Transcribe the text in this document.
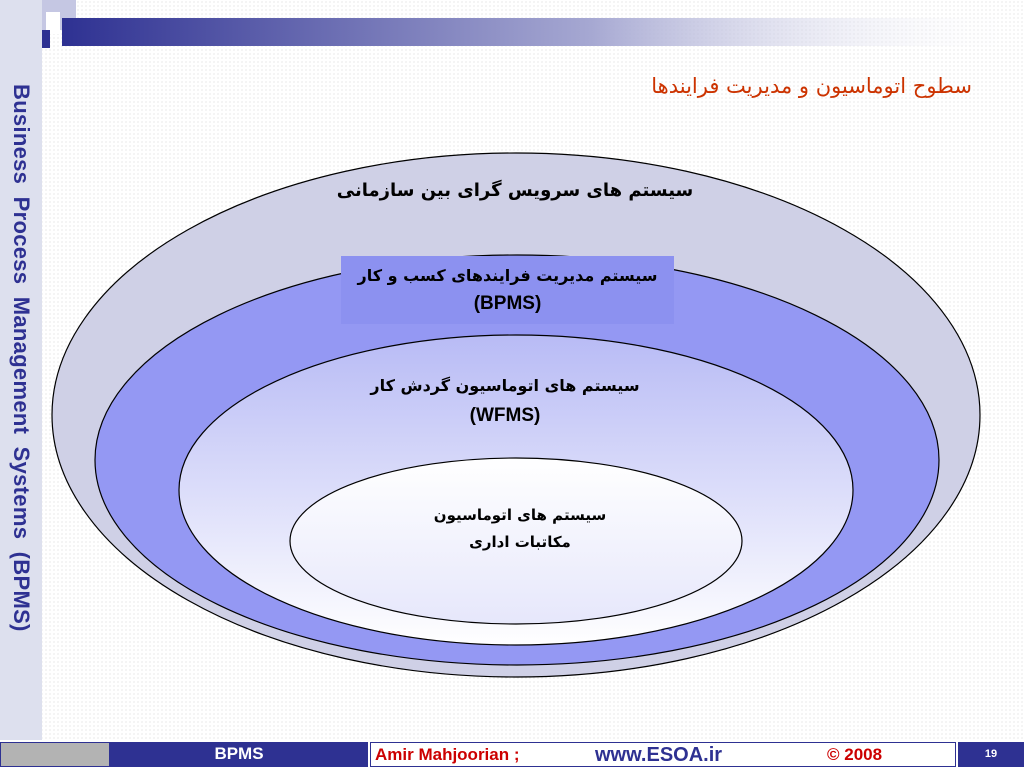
Business Process Management Systems (BPMS)	سطوح اتوماسیون و مدیریت فرایندها
سیستم های سرویس گرای بین سازمانی
سیستم مدیریت فرایندهای کسب و کار
(BPMS)
سیستم های اتوماسیون گردش کار
(WFMS)
سیستم های اتوماسیون
مکاتبات اداری
BPMS	Amir Mahjoorian ;	www.ESOA.ir	© 2008	19
